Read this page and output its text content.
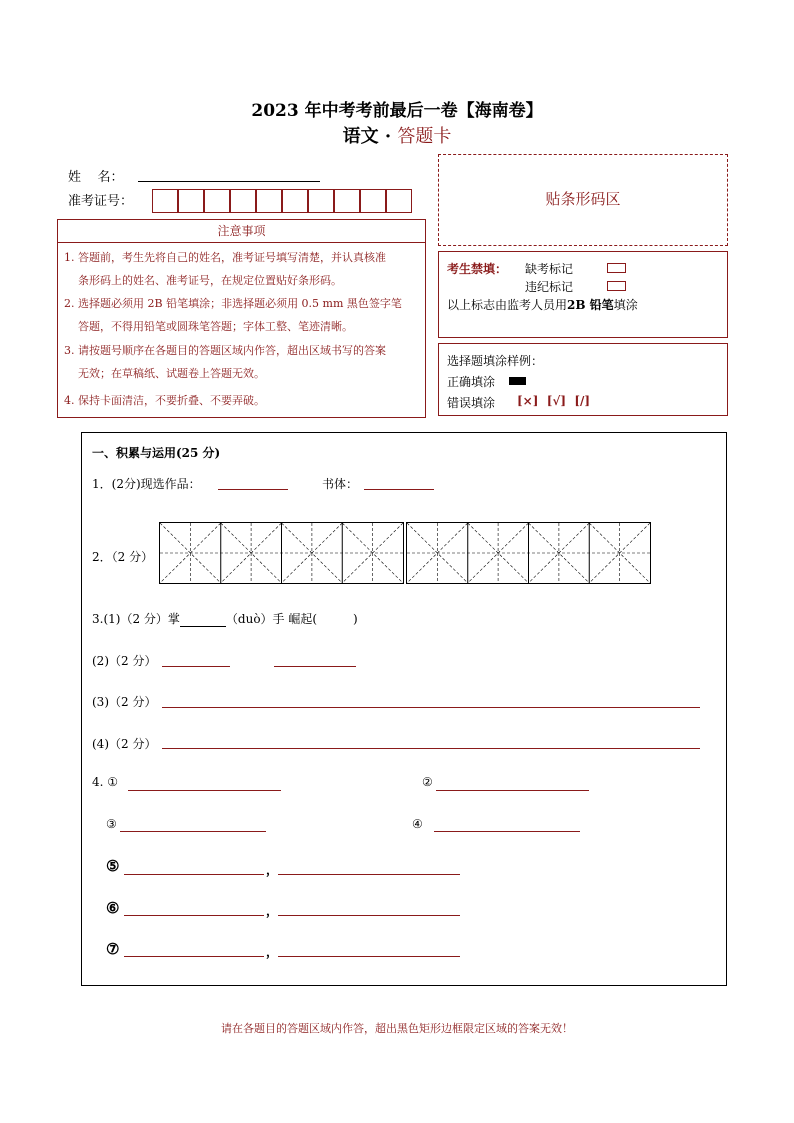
2023 年中考考前最后一卷【海南卷】
语文 · 答题卡
姓    名：
准考证号：
注意事项
1. 答题前，考生先将自己的姓名，准考证号填写清楚，并认真核准
条形码上的姓名、准考证号，在规定位置贴好条形码。
2. 选择题必须用 2B 铅笔填涂；非选择题必须用 0.5 mm 黑色签字笔
答题，不得用铅笔或圆珠笔答题；字体工整、笔迹清晰。
3. 请按题号顺序在各题目的答题区域内作答，超出区域书写的答案
无效；在草稿纸、试题卷上答题无效。
4. 保持卡面清洁，不要折叠、不要弄破。
贴条形码区
考生禁填： 缺考标记
违纪标记
以上标志由监考人员用2B 铅笔填涂
选择题填涂样例：
正确填涂
错误填涂 [×]  [√]  [/]
一、积累与运用(25 分)
1．(2分)现选作品：	书体：
2．（2 分）
3.(1)（2 分）掌	（duò）手 崛起(	)
(2)（2 分）
(3)（2 分）
(4)（2 分）
4. ①	②
③	④
⑤	，
⑥	，
⑦	，
请在各题目的答题区域内作答，超出黑色矩形边框限定区域的答案无效！
